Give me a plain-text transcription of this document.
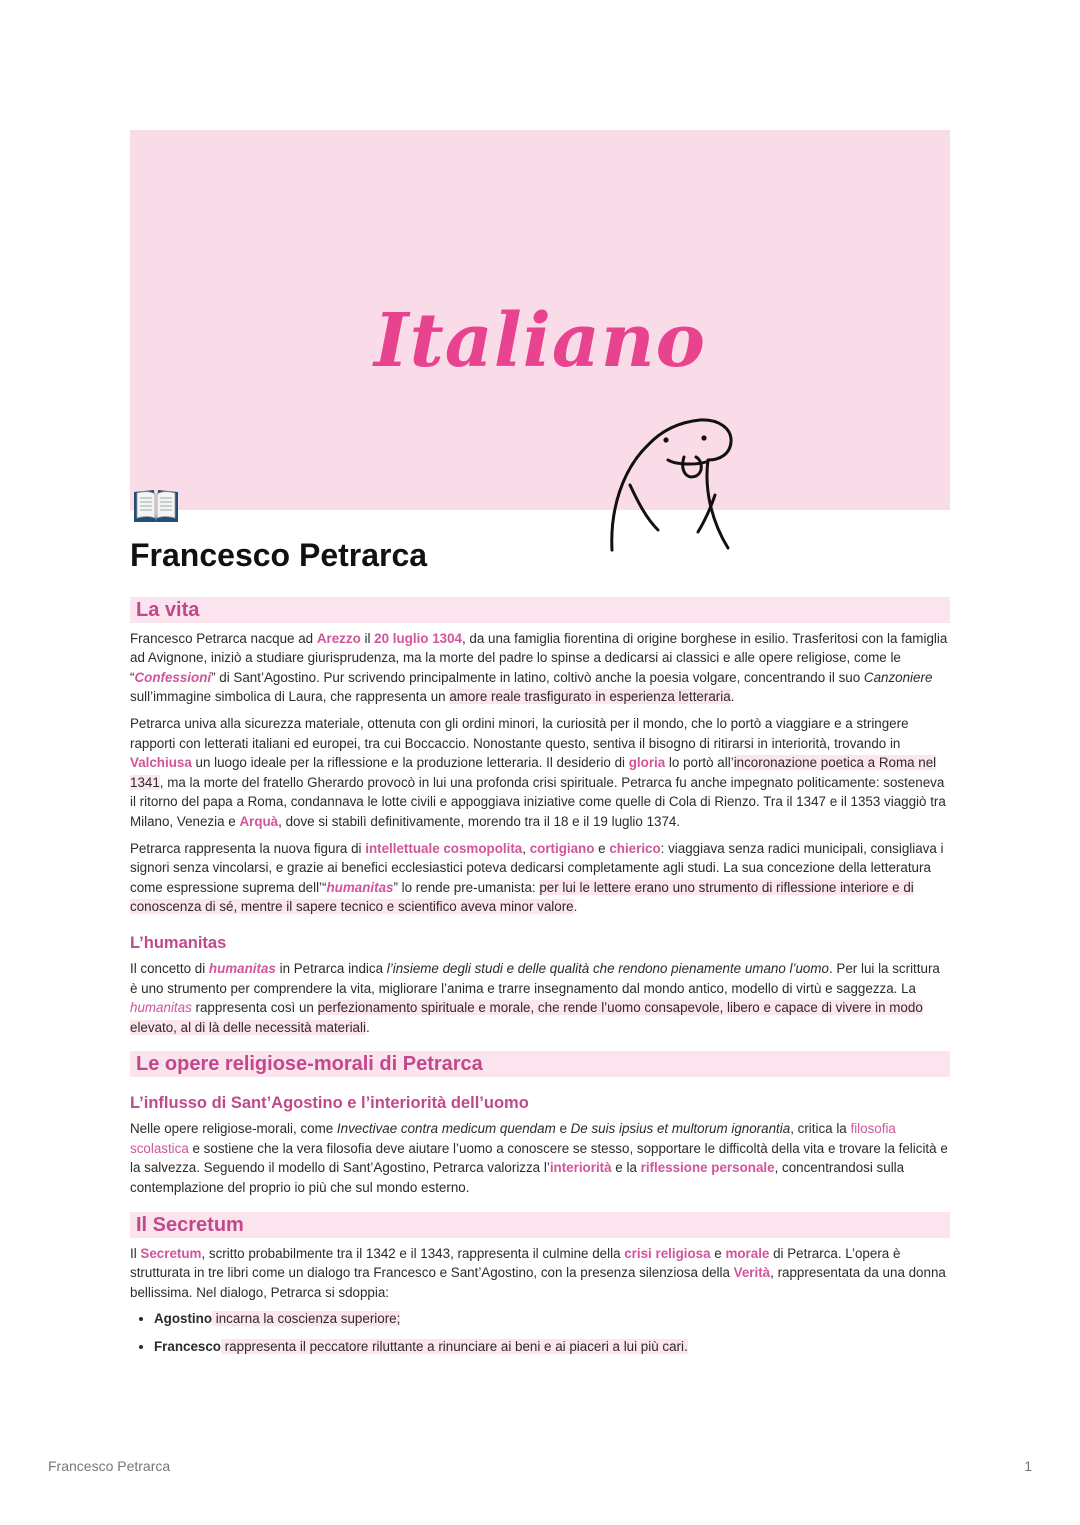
Italiano
Francesco Petrarca
La vita

Francesco Petrarca nacque ad Arezzo il 20 luglio 1304, da una famiglia fiorentina di origine borghese in esilio. Trasferitosi con la famiglia ad Avignone, iniziò a studiare giurisprudenza, ma la morte del padre lo spinse a dedicarsi ai classici e alle opere religiose, come le “Confessioni” di Sant’Agostino. Pur scrivendo principalmente in latino, coltivò anche la poesia volgare, concentrando il suo Canzoniere sull’immagine simbolica di Laura, che rappresenta un amore reale trasfigurato in esperienza letteraria.

Petrarca univa alla sicurezza materiale, ottenuta con gli ordini minori, la curiosità per il mondo, che lo portò a viaggiare e a stringere rapporti con letterati italiani ed europei, tra cui Boccaccio. Nonostante questo, sentiva il bisogno di ritirarsi in interiorità, trovando in Valchiusa un luogo ideale per la riflessione e la produzione letteraria. Il desiderio di gloria lo portò all’incoronazione poetica a Roma nel 1341, ma la morte del fratello Gherardo provocò in lui una profonda crisi spirituale. Petrarca fu anche impegnato politicamente: sosteneva il ritorno del papa a Roma, condannava le lotte civili e appoggiava iniziative come quelle di Cola di Rienzo. Tra il 1347 e il 1353 viaggiò tra Milano, Venezia e Arquà, dove si stabilì definitivamente, morendo tra il 18 e il 19 luglio 1374.

Petrarca rappresenta la nuova figura di intellettuale cosmopolita, cortigiano e chierico: viaggiava senza radici municipali, consigliava i signori senza vincolarsi, e grazie ai benefici ecclesiastici poteva dedicarsi completamente agli studi. La sua concezione della letteratura come espressione suprema dell’“humanitas” lo rende pre-umanista: per lui le lettere erano uno strumento di riflessione interiore e di conoscenza di sé, mentre il sapere tecnico e scientifico aveva minor valore.

L’humanitas

Il concetto di humanitas in Petrarca indica l’insieme degli studi e delle qualità che rendono pienamente umano l’uomo. Per lui la scrittura è uno strumento per comprendere la vita, migliorare l’anima e trarre insegnamento dal mondo antico, modello di virtù e saggezza. La humanitas rappresenta così un perfezionamento spirituale e morale, che rende l’uomo consapevole, libero e capace di vivere in modo elevato, al di là delle necessità materiali.

Le opere religiose-morali di Petrarca
L’influsso di Sant’Agostino e l’interiorità dell’uomo

Nelle opere religiose-morali, come Invectivae contra medicum quendam e De suis ipsius et multorum ignorantia, critica la filosofia scolastica e sostiene che la vera filosofia deve aiutare l’uomo a conoscere se stesso, sopportare le difficoltà della vita e trovare la felicità e la salvezza. Seguendo il modello di Sant’Agostino, Petrarca valorizza l’interiorità e la riflessione personale, concentrandosi sulla contemplazione del proprio io più che sul mondo esterno.

Il Secretum

Il Secretum, scritto probabilmente tra il 1342 e il 1343, rappresenta il culmine della crisi religiosa e morale di Petrarca. L’opera è strutturata in tre libri come un dialogo tra Francesco e Sant’Agostino, con la presenza silenziosa della Verità, rappresentata da una donna bellissima. Nel dialogo, Petrarca si sdoppia:

• Agostino incarna la coscienza superiore;
• Francesco rappresenta il peccatore riluttante a rinunciare ai beni e ai piaceri a lui più cari.
Francesco Petrarca	1
